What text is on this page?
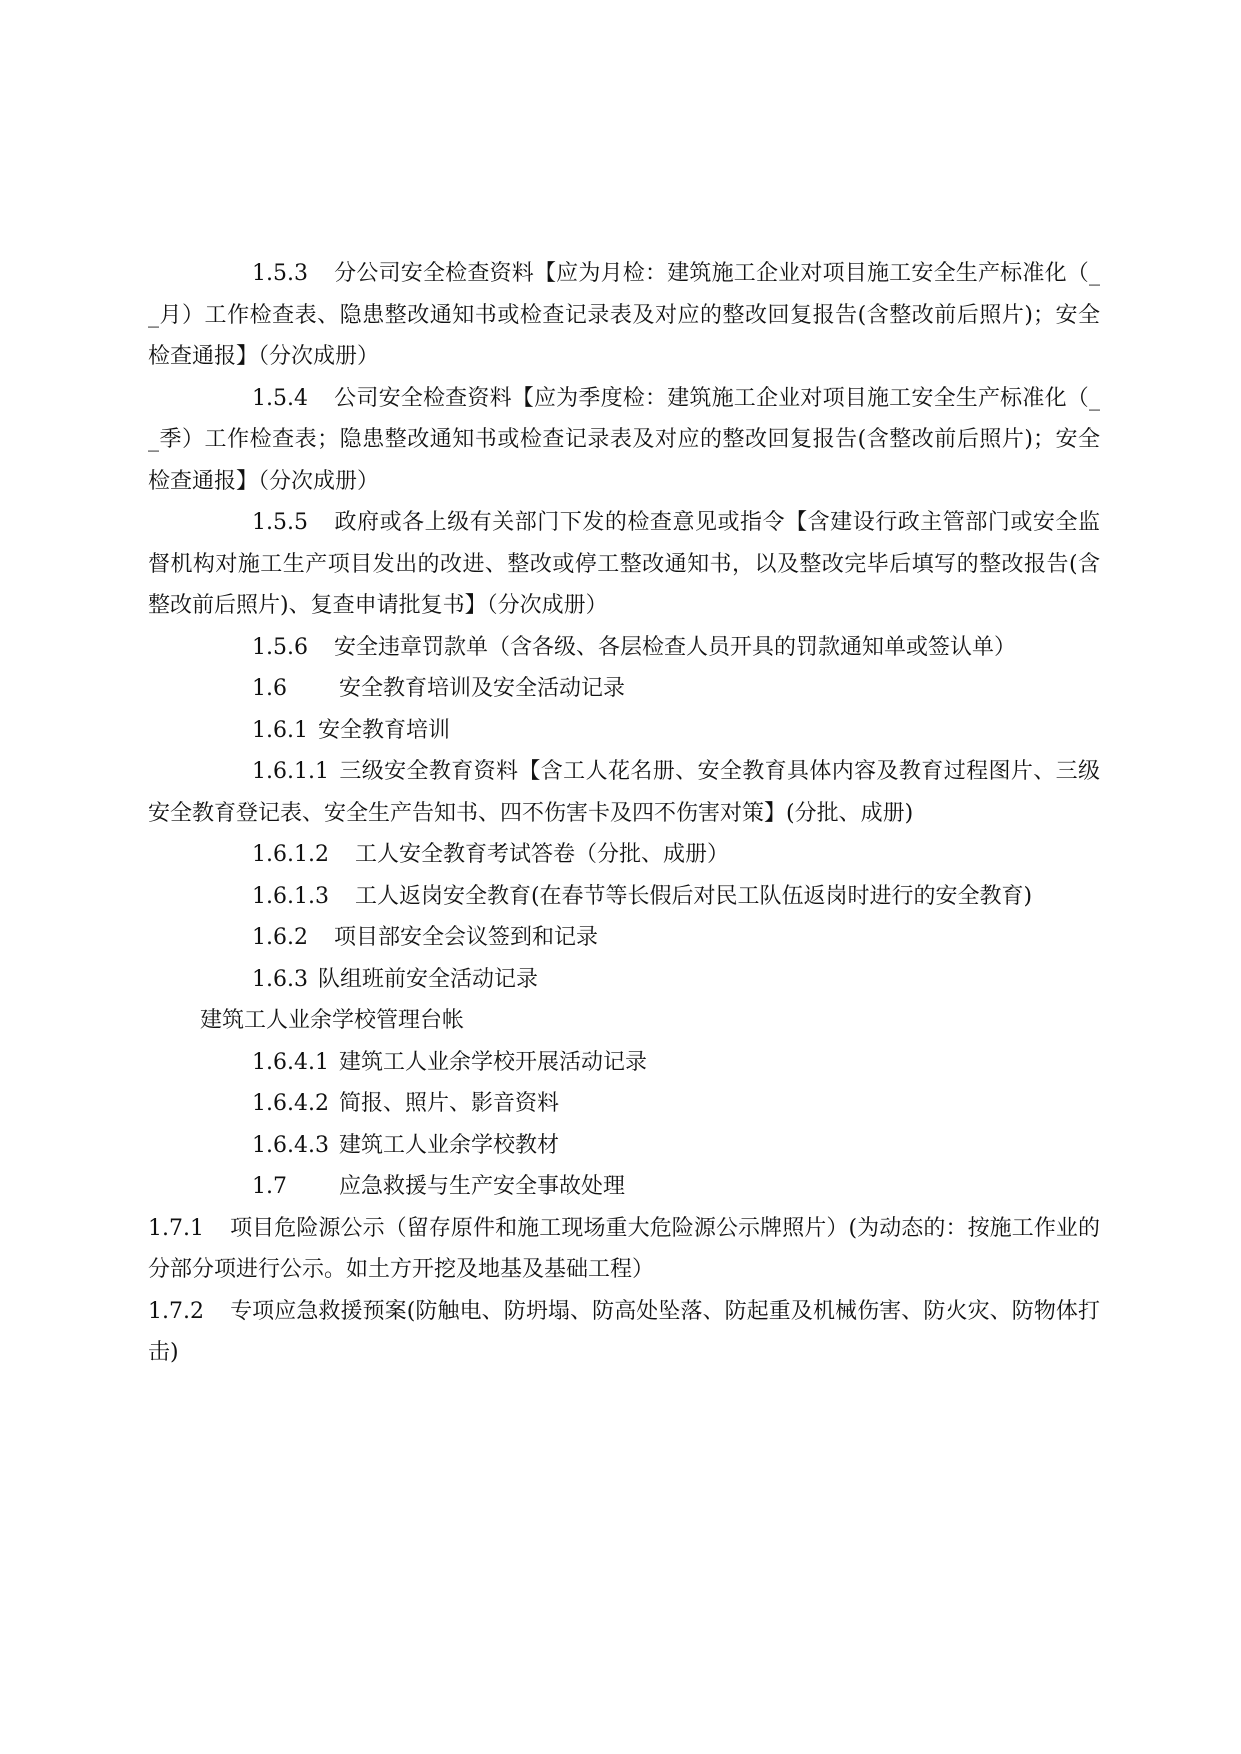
1.5.3 分公司安全检查资料【应为月检：建筑施工企业对项目施工安全生产标准化（__月）工作检查表、隐患整改通知书或检查记录表及对应的整改回复报告(含整改前后照片)；安全检查通报】（分次成册）

1.5.4 公司安全检查资料【应为季度检：建筑施工企业对项目施工安全生产标准化（__季）工作检查表；隐患整改通知书或检查记录表及对应的整改回复报告(含整改前后照片)；安全检查通报】（分次成册）

1.5.5 政府或各上级有关部门下发的检查意见或指令【含建设行政主管部门或安全监督机构对施工生产项目发出的改进、整改或停工整改通知书，以及整改完毕后填写的整改报告(含整改前后照片)、复查申请批复书】（分次成册）

1.5.6 安全违章罚款单（含各级、各层检查人员开具的罚款通知单或签认单）

1.6 安全教育培训及安全活动记录

1.6.1 安全教育培训

1.6.1.1 三级安全教育资料【含工人花名册、安全教育具体内容及教育过程图片、三级安全教育登记表、安全生产告知书、四不伤害卡及四不伤害对策】(分批、成册)

1.6.1.2 工人安全教育考试答卷（分批、成册）

1.6.1.3 工人返岗安全教育(在春节等长假后对民工队伍返岗时进行的安全教育)

1.6.2 项目部安全会议签到和记录

1.6.3 队组班前安全活动记录

建筑工人业余学校管理台帐

1.6.4.1 建筑工人业余学校开展活动记录

1.6.4.2 简报、照片、影音资料

1.6.4.3 建筑工人业余学校教材

1.7 应急救援与生产安全事故处理

1.7.1 项目危险源公示（留存原件和施工现场重大危险源公示牌照片）(为动态的：按施工作业的分部分项进行公示。如土方开挖及地基及基础工程）

1.7.2 专项应急救援预案(防触电、防坍塌、防高处坠落、防起重及机械伤害、防火灾、防物体打击)
